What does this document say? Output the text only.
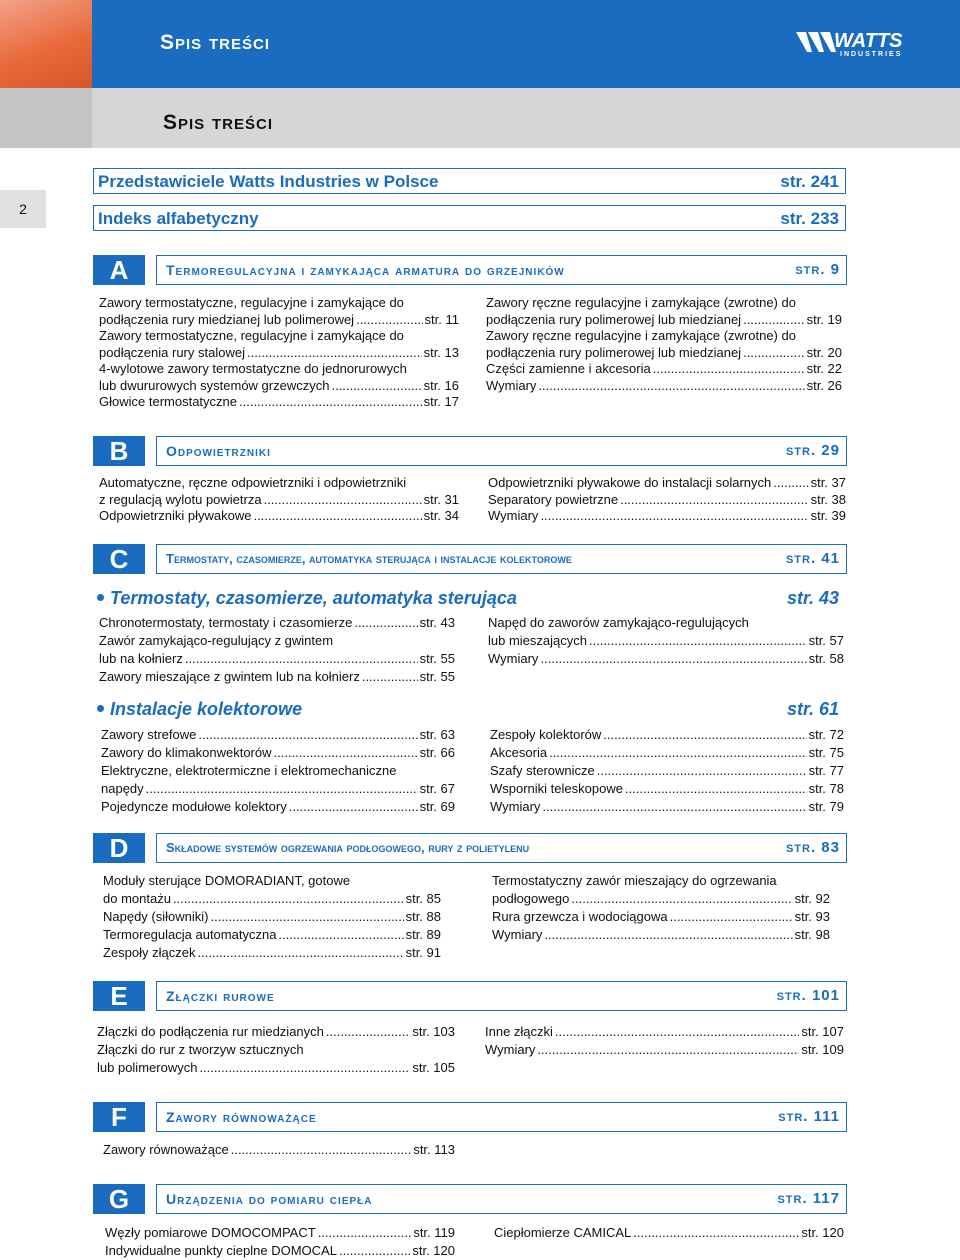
Spis treści	WATTS
INDUSTRIES
Spis treści
2
Przedstawiciele Watts Industries w Polsce	str. 241
Indeks alfabetyczny	str. 233
A	Termoregulacyjna i zamykająca armatura do grzejników	str. 9
B	Odpowietrzniki	str. 29
C	Termostaty, czasomierze, automatyka sterująca i instalacje kolektorowe	str. 41
Termostaty, czasomierze, automatyka sterująca	str. 43
Instalacje kolektorowe	str. 61
D	Składowe systemów ogrzewania podłogowego, rury z polietylenu	str. 83
E	Złączki rurowe	str. 101
F	Zawory równoważące	str. 111
G	Urządzenia do pomiaru ciepła	str. 117
Zawory termostatyczne, regulacyjne i zamykające do
podłączenia rury miedzianej lub polimerowej .....	str. 11
Zawory termostatyczne, regulacyjne i zamykające do
podłączenia rury stalowej .....	str. 13
4-wylotowe zawory termostatyczne do jednorurowych
lub dwururowych systemów grzewczych .....	str. 16
Głowice termostatyczne .....	str. 17
Zawory ręczne regulacyjne i zamykające (zwrotne) do
podłączenia rury polimerowej lub miedzianej .....	str. 19
Zawory ręczne regulacyjne i zamykające (zwrotne) do
podłączenia rury polimerowej lub miedzianej .....	str. 20
Części zamienne i akcesoria .....	str. 22
Wymiary .....	str. 26
Automatyczne, ręczne odpowietrzniki i odpowietrzniki
z regulacją wylotu powietrza .....	str. 31
Odpowietrzniki pływakowe .....	str. 34
Odpowietrzniki pływakowe do instalacji solarnych .....	str. 37
Separatory powietrzne .....	str. 38
Wymiary .....	str. 39
Chronotermostaty, termostaty i czasomierze .....	str. 43
Zawór zamykająco-regulujący z gwintem
lub na kołnierz .....	str. 55
Zawory mieszające z gwintem lub na kołnierz .....	str. 55
Napęd do zaworów zamykająco-regulujących
lub mieszających .....	str. 57
Wymiary .....	str. 58
Zawory strefowe .....	str. 63
Zawory do klimakonwektorów .....	str. 66
Elektryczne, elektrotermiczne i elektromechaniczne
napędy .....	str. 67
Pojedyncze modułowe kolektory .....	str. 69
Zespoły kolektorów .....	str. 72
Akcesoria .....	str. 75
Szafy sterownicze .....	str. 77
Wsporniki teleskopowe .....	str. 78
Wymiary .....	str. 79
Moduły sterujące DOMORADIANT, gotowe
do montażu .....	str. 85
Napędy (siłowniki) .....	str. 88
Termoregulacja automatyczna .....	str. 89
Zespoły złączek .....	str. 91
Termostatyczny zawór mieszający do ogrzewania
podłogowego .....	str. 92
Rura grzewcza i wodociągowa .....	str. 93
Wymiary .....	str. 98
Złączki do podłączenia rur miedzianych .....	str. 103
Złączki do rur z tworzyw sztucznych
lub polimerowych .....	str. 105
Inne złączki .....	str. 107
Wymiary .....	str. 109
Zawory równoważące .....	str. 113
Węzły pomiarowe DOMOCOMPACT .....	str. 119
Indywidualne punkty cieplne DOMOCAL .....	str. 120
Ciepłomierze CAMICAL .....	str. 120
